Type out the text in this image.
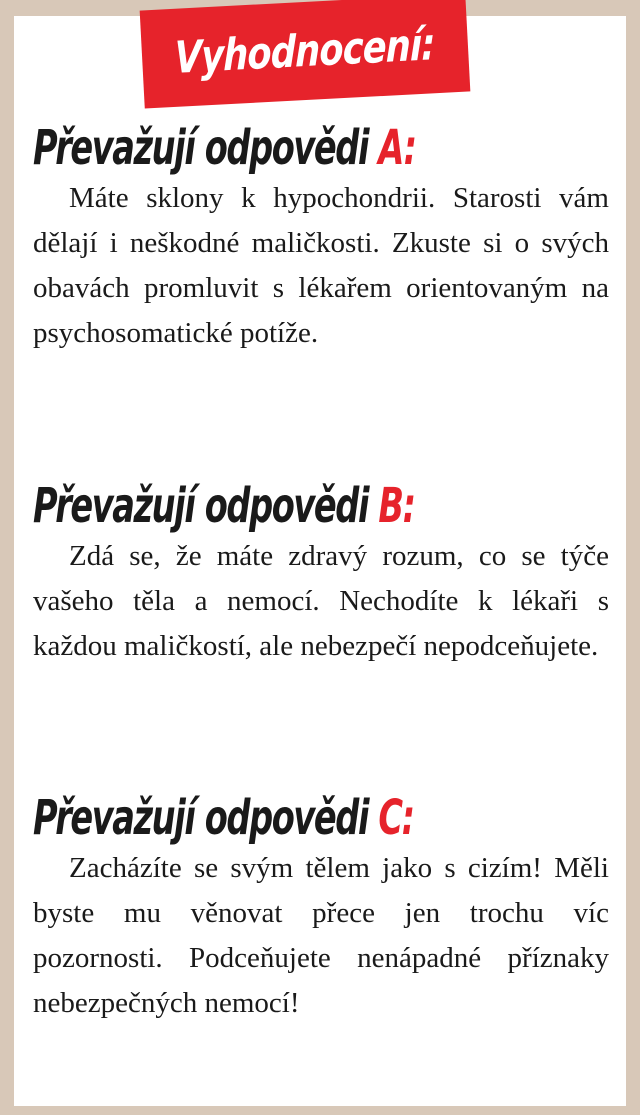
Vyhodnocení:
Převažují odpovědi A:

Máte sklony k hypochondrii. Starosti vám dělají i neškodné maličkosti. Zkuste si o svých obavách promluvit s lékařem orientovaným na psychosomatické potíže.

Převažují odpovědi B:

Zdá se, že máte zdravý rozum, co se týče vašeho těla a nemocí. Nechodíte k lékaři s každou maličkostí, ale nebezpečí nepodceňujete.

Převažují odpovědi C:

Zacházíte se svým tělem jako s cizím! Měli byste mu věnovat přece jen trochu víc pozornosti. Podceňujete nenápadné příznaky nebezpečných nemocí!
